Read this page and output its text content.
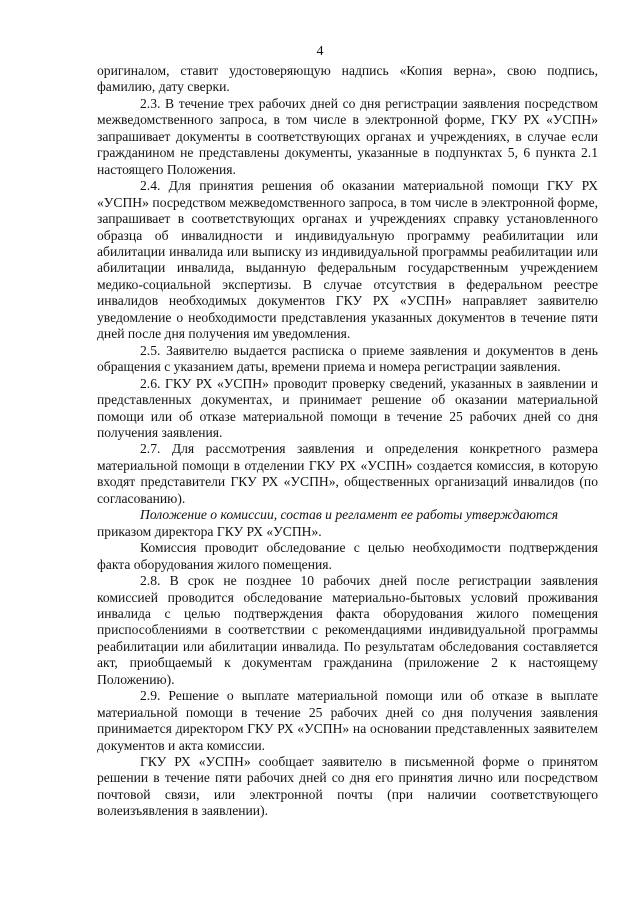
4

оригиналом, ставит удостоверяющую надпись «Копия верна», свою подпись, фамилию, дату сверки.

2.3. В течение трех рабочих дней со дня регистрации заявления посредством межведомственного запроса, в том числе в электронной форме, ГКУ РХ «УСПН» запрашивает документы в соответствующих органах и учреждениях, в случае если гражданином не представлены документы, указанные в подпунктах 5, 6 пункта 2.1 настоящего Положения.

2.4. Для принятия решения об оказании материальной помощи ГКУ РХ «УСПН» посредством межведомственного запроса, в том числе в электронной форме, запрашивает в соответствующих органах и учреждениях справку установленного образца об инвалидности и индивидуальную программу реабилитации или абилитации инвалида или выписку из индивидуальной программы реабилитации или абилитации инвалида, выданную федеральным государственным учреждением медико-социальной экспертизы. В случае отсутствия в федеральном реестре инвалидов необходимых документов ГКУ РХ «УСПН» направляет заявителю уведомление о необходимости представления указанных документов в течение пяти дней после дня получения им уведомления.

2.5. Заявителю выдается расписка о приеме заявления и документов в день обращения с указанием даты, времени приема и номера регистрации заявления.

2.6. ГКУ РХ «УСПН» проводит проверку сведений, указанных в заявлении и представленных документах, и принимает решение об оказании материальной помощи или об отказе материальной помощи в течение 25 рабочих дней со дня получения заявления.

2.7. Для рассмотрения заявления и определения конкретного размера материальной помощи в отделении ГКУ РХ «УСПН» создается комиссия, в которую входят представители ГКУ РХ «УСПН», общественных организаций инвалидов (по согласованию).

Положение о комиссии, состав и регламент ее работы утверждаются

приказом директора ГКУ РХ «УСПН».

Комиссия проводит обследование с целью необходимости подтверждения факта оборудования жилого помещения.

2.8. В срок не позднее 10 рабочих дней после регистрации заявления комиссией проводится обследование материально-бытовых условий проживания инвалида с целью подтверждения факта оборудования жилого помещения приспособлениями в соответствии с рекомендациями индивидуальной программы реабилитации или абилитации инвалида. По результатам обследования составляется акт, приобщаемый к документам гражданина (приложение 2 к настоящему Положению).

2.9. Решение о выплате материальной помощи или об отказе в выплате материальной помощи в течение 25 рабочих дней со дня получения заявления принимается директором ГКУ РХ «УСПН» на основании представленных заявителем документов и акта комиссии.

ГКУ РХ «УСПН» сообщает заявителю в письменной форме о принятом решении в течение пяти рабочих дней со дня его принятия лично или посредством почтовой связи, или электронной почты (при наличии соответствующего волеизъявления в заявлении).
